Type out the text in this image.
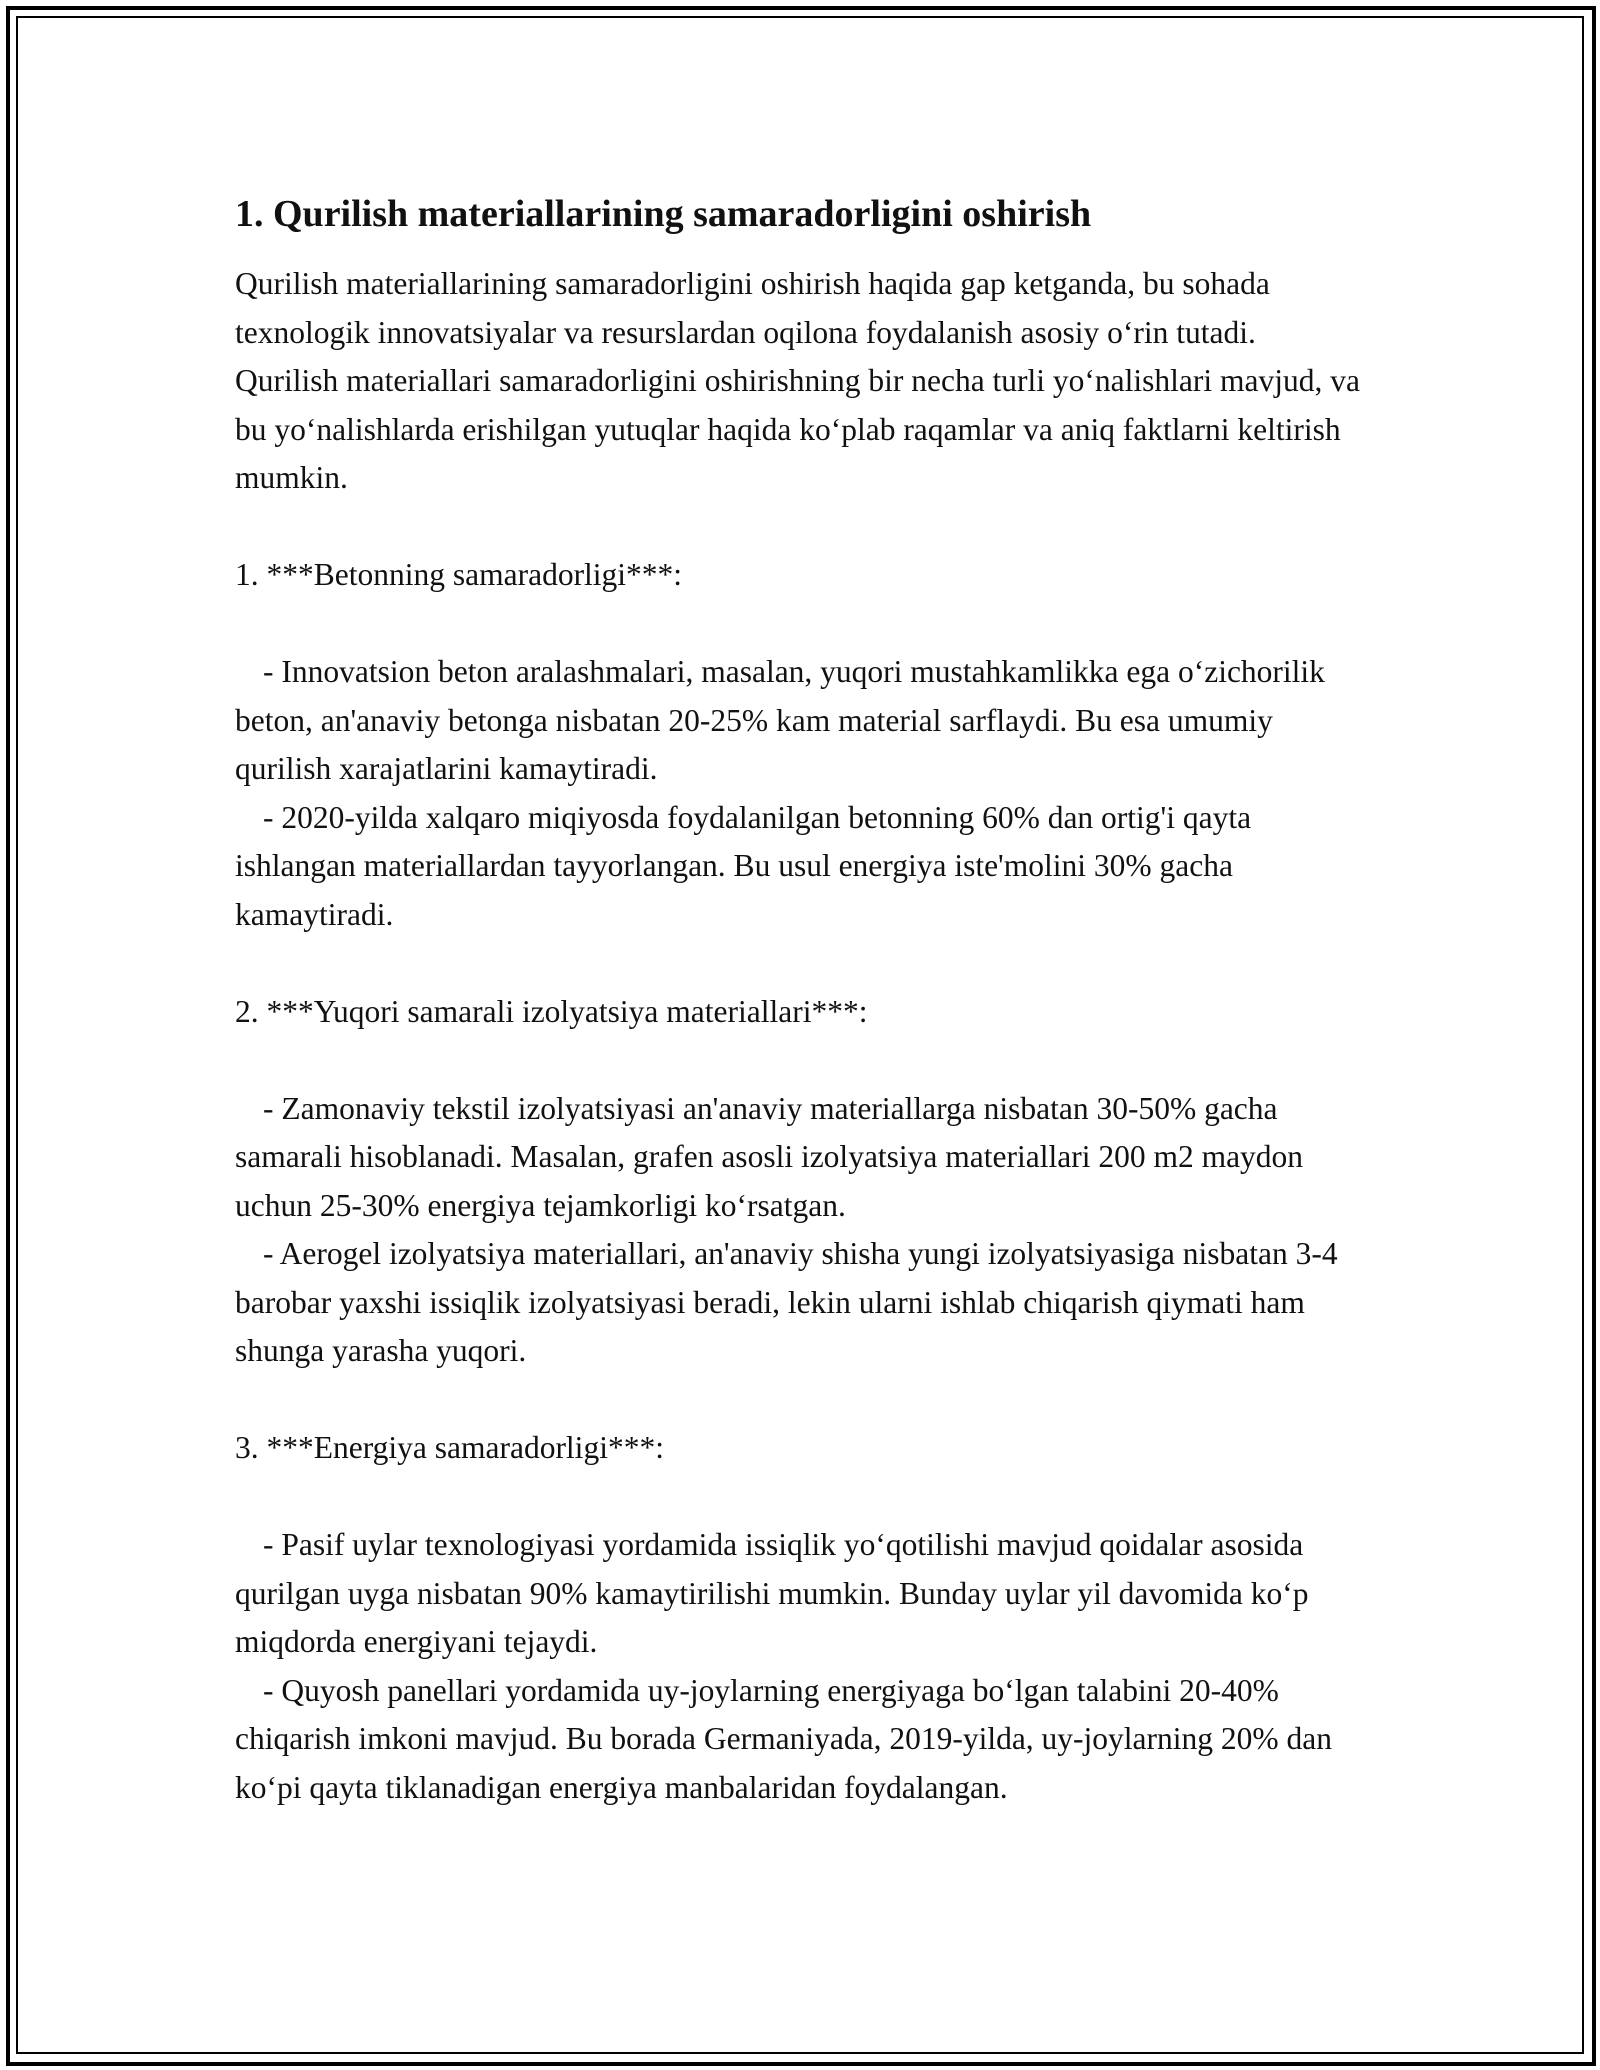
1. Qurilish materiallarining samaradorligini oshirish

Qurilish materiallarining samaradorligini oshirish haqida gap ketganda, bu sohada texnologik innovatsiyalar va resurslardan oqilona foydalanish asosiy o‘rin tutadi. Qurilish materiallari samaradorligini oshirishning bir necha turli yo‘nalishlari mavjud, va bu yo‘nalishlarda erishilgan yutuqlar haqida ko‘plab raqamlar va aniq faktlarni keltirish mumkin.

1. ***Betonning samaradorligi***:

- Innovatsion beton aralashmalari, masalan, yuqori mustahkamlikka ega o‘zichorilik beton, an'anaviy betonga nisbatan 20-25% kam material sarflaydi. Bu esa umumiy qurilish xarajatlarini kamaytiradi.

- 2020-yilda xalqaro miqiyosda foydalanilgan betonning 60% dan ortig'i qayta ishlangan materiallardan tayyorlangan. Bu usul energiya iste'molini 30% gacha kamaytiradi.

2. ***Yuqori samarali izolyatsiya materiallari***:

- Zamonaviy tekstil izolyatsiyasi an'anaviy materiallarga nisbatan 30-50% gacha samarali hisoblanadi. Masalan, grafen asosli izolyatsiya materiallari 200 m2 maydon uchun 25-30% energiya tejamkorligi ko‘rsatgan.

- Aerogel izolyatsiya materiallari, an'anaviy shisha yungi izolyatsiyasiga nisbatan 3-4 barobar yaxshi issiqlik izolyatsiyasi beradi, lekin ularni ishlab chiqarish qiymati ham shunga yarasha yuqori.

3. ***Energiya samaradorligi***:

- Pasif uylar texnologiyasi yordamida issiqlik yo‘qotilishi mavjud qoidalar asosida qurilgan uyga nisbatan 90% kamaytirilishi mumkin. Bunday uylar yil davomida ko‘p miqdorda energiyani tejaydi.

- Quyosh panellari yordamida uy-joylarning energiyaga bo‘lgan talabini 20-40% chiqarish imkoni mavjud. Bu borada Germaniyada, 2019-yilda, uy-joylarning 20% dan ko‘pi qayta tiklanadigan energiya manbalaridan foydalangan.
